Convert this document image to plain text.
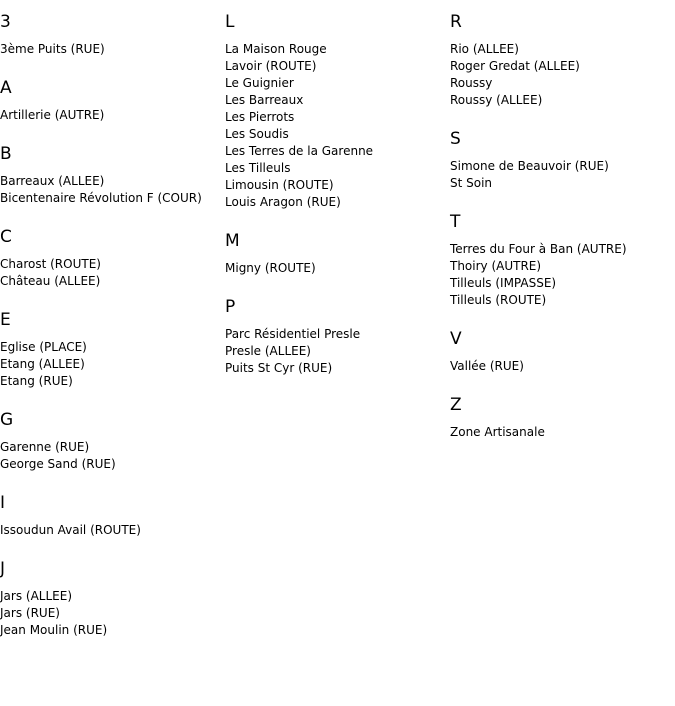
3
3ème Puits (RUE)
A
Artillerie (AUTRE)
B
Barreaux (ALLEE)
Bicentenaire Révolution F (COUR)
C
Charost (ROUTE)
Château (ALLEE)
E
Eglise (PLACE)
Etang (ALLEE)
Etang (RUE)
G
Garenne (RUE)
George Sand (RUE)
I
Issoudun Avail (ROUTE)
J
Jars (ALLEE)
Jars (RUE)
Jean Moulin (RUE)
L
La Maison Rouge
Lavoir (ROUTE)
Le Guignier
Les Barreaux
Les Pierrots
Les Soudis
Les Terres de la Garenne
Les Tilleuls
Limousin (ROUTE)
Louis Aragon (RUE)
M
Migny (ROUTE)
P
Parc Résidentiel Presle
Presle (ALLEE)
Puits St Cyr (RUE)
R
Rio (ALLEE)
Roger Gredat (ALLEE)
Roussy
Roussy (ALLEE)
S
Simone de Beauvoir (RUE)
St Soin
T
Terres du Four à Ban (AUTRE)
Thoiry (AUTRE)
Tilleuls (IMPASSE)
Tilleuls (ROUTE)
V
Vallée (RUE)
Z
Zone Artisanale
